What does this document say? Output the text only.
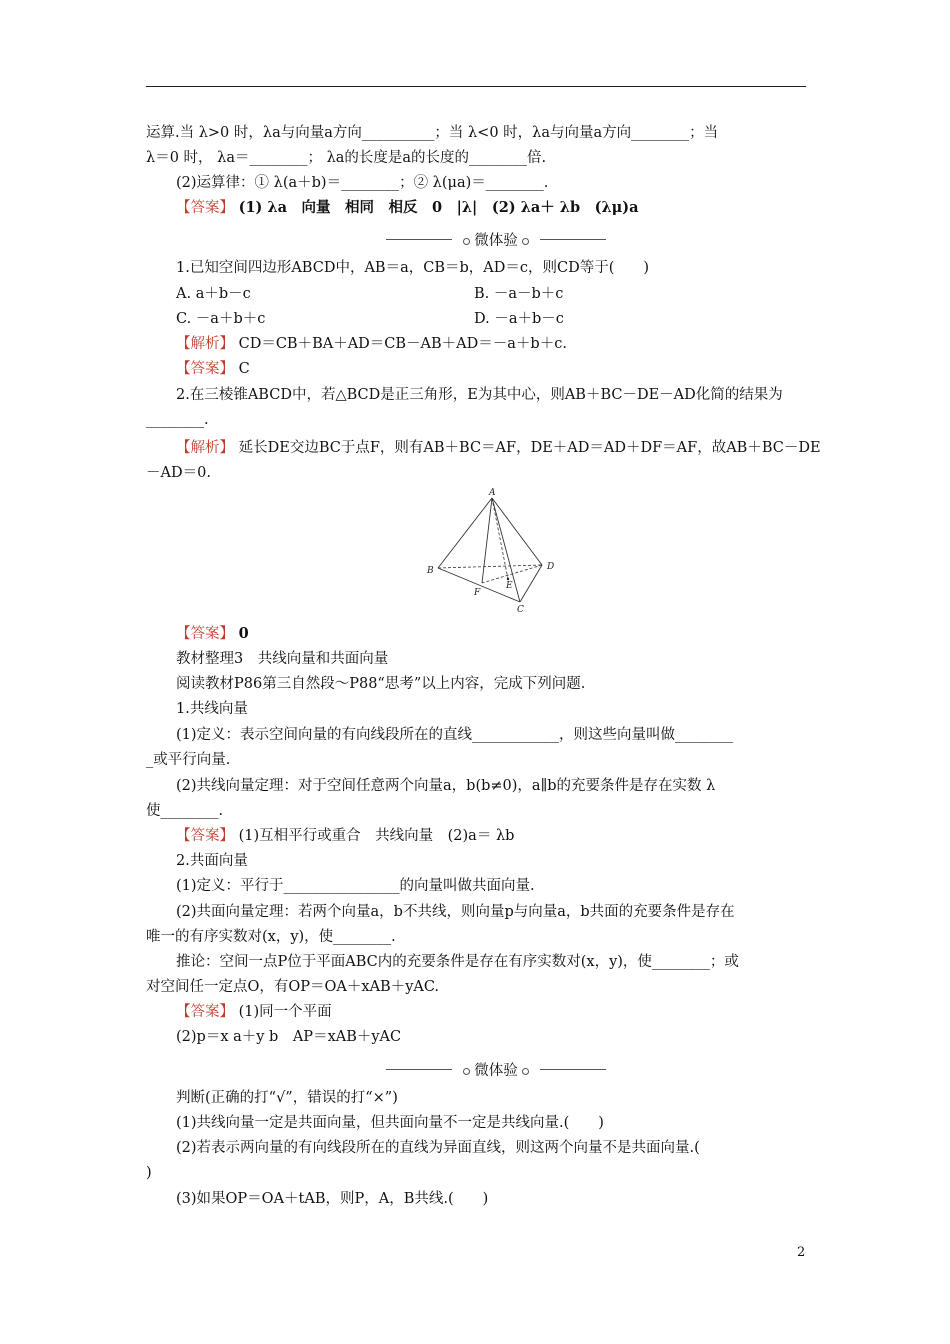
运算.当 λ>0 时，λa与向量a方向__________；当 λ<0 时，λa与向量a方向________；当
λ＝0 时， λa＝________； λa的长度是a的长度的________倍.
(2)运算律：① λ(a＋b)＝________；② λ(μa)＝________.
【答案】 (1) λa　向量　相同　相反　0　|λ|　(2) λa＋ λb　(λμ)a
微体验
1.已知空间四边形ABCD中，AB＝a，CB＝b，AD＝c，则CD等于(　　)
A. a＋b－c	B. －a－b＋c
C. －a＋b＋c	D. －a＋b－c
【解析】 CD＝CB＋BA＋AD＝CB－AB＋AD＝－a＋b＋c.
【答案】 C
2.在三棱锥ABCD中，若△BCD是正三角形，E为其中心，则AB＋BC－DE－AD化简的结果为
________.
【解析】 延长DE交边BC于点F，则有AB＋BC＝AF，DE＋AD＝AD＋DF＝AF，故AB＋BC－DE
－AD＝0.
A
B
C
D
E
F
【答案】 0
教材整理3　共线向量和共面向量
阅读教材P86第三自然段～P88“思考”以上内容，完成下列问题.
1.共线向量
(1)定义：表示空间向量的有向线段所在的直线____________，则这些向量叫做________
_或平行向量.
(2)共线向量定理：对于空间任意两个向量a，b(b≠0)，a∥b的充要条件是存在实数 λ
使________.
【答案】 (1)互相平行或重合　共线向量　(2)a＝ λb
2.共面向量
(1)定义：平行于________________的向量叫做共面向量.
(2)共面向量定理：若两个向量a，b不共线，则向量p与向量a，b共面的充要条件是存在
唯一的有序实数对(x，y)，使________.
推论：空间一点P位于平面ABC内的充要条件是存在有序实数对(x，y)，使________；或
对空间任一定点O，有OP＝OA＋xAB＋yAC.
【答案】 (1)同一个平面
(2)p＝x a＋y b　AP＝xAB＋yAC
微体验
判断(正确的打“√”，错误的打“×”)
(1)共线向量一定是共面向量，但共面向量不一定是共线向量.(　　)
(2)若表示两向量的有向线段所在的直线为异面直线，则这两个向量不是共面向量.(
)
(3)如果OP＝OA＋tAB，则P，A，B共线.(　　)
2
